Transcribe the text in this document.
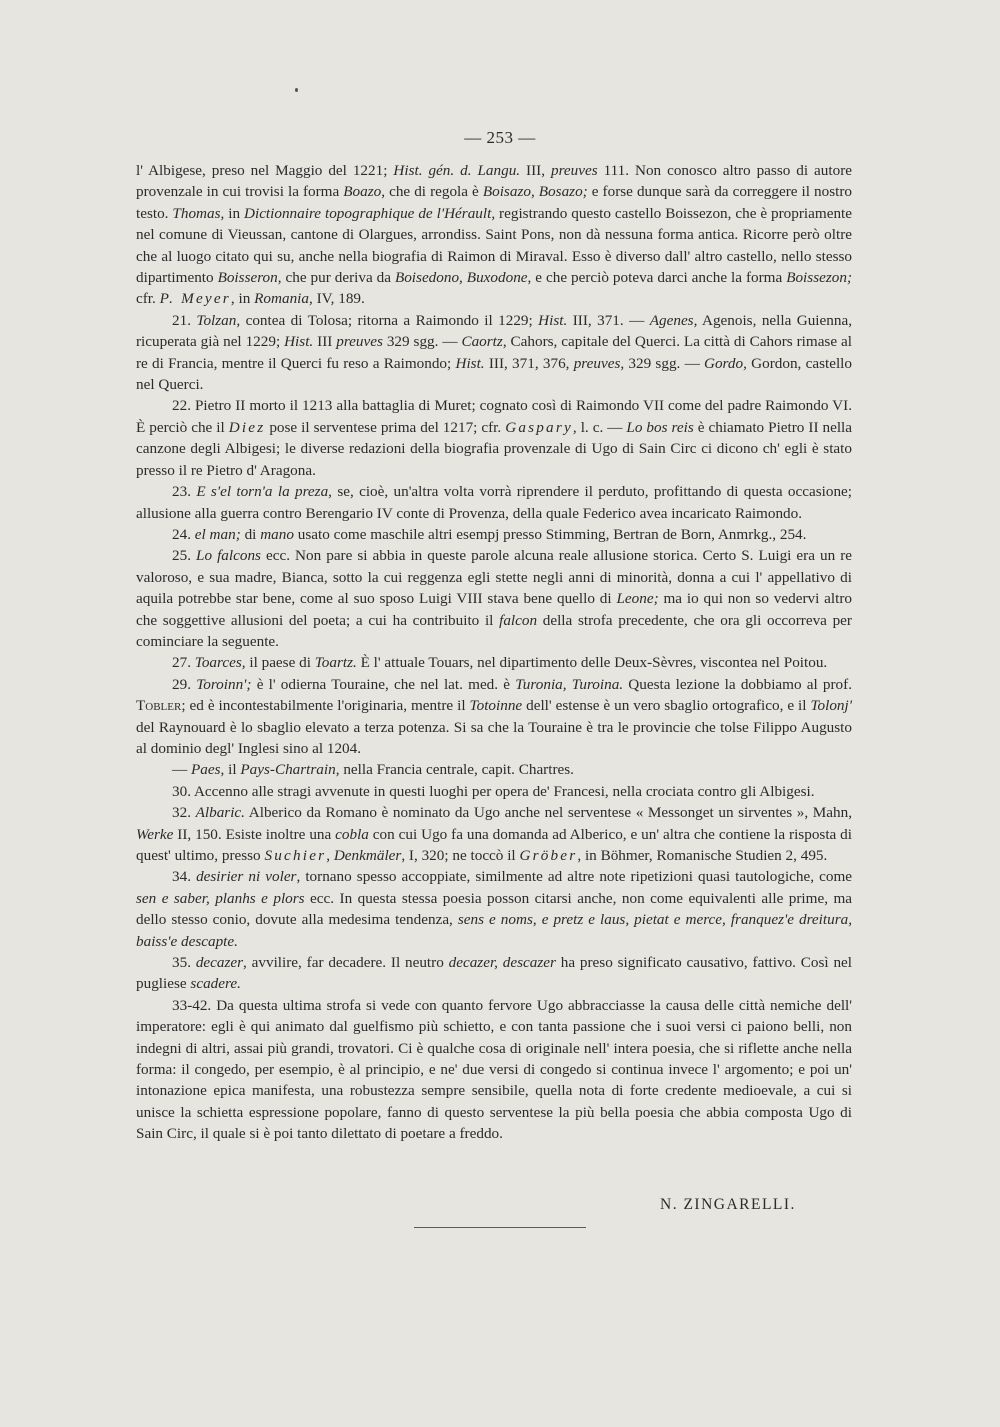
— 253 —

l' Albigese, preso nel Maggio del 1221; Hist. gén. d. Langu. III, preuves 111. Non conosco altro passo di autore provenzale in cui trovisi la forma Boazo, che di regola è Boisazo, Bosazo; e forse dunque sarà da correggere il nostro testo. Thomas, in Dictionnaire topographique de l'Hérault, registrando questo castello Boissezon, che è propriamente nel comune di Vieussan, cantone di Olargues, arrondiss. Saint Pons, non dà nessuna forma antica. Ricorre però oltre che al luogo citato qui su, anche nella biografia di Raimon di Miraval. Esso è diverso dall' altro castello, nello stesso dipartimento Boisseron, che pur deriva da Boisedono, Buxodone, e che perciò poteva darci anche la forma Boissezon; cfr. P. Meyer, in Romania, IV, 189.

21. Tolzan, contea di Tolosa; ritorna a Raimondo il 1229; Hist. III, 371. — Agenes, Agenois, nella Guienna, ricuperata già nel 1229; Hist. III preuves 329 sgg. — Caortz, Cahors, capitale del Querci. La città di Cahors rimase al re di Francia, mentre il Querci fu reso a Raimondo; Hist. III, 371, 376, preuves, 329 sgg. — Gordo, Gordon, castello nel Querci.

22. Pietro II morto il 1213 alla battaglia di Muret; cognato così di Raimondo VII come del padre Raimondo VI. È perciò che il Diez pose il serventese prima del 1217; cfr. Gaspary, l. c. — Lo bos reis è chiamato Pietro II nella canzone degli Albigesi; le diverse redazioni della biografia provenzale di Ugo di Sain Circ ci dicono ch' egli è stato presso il re Pietro d' Aragona.

23. E s'el torn'a la preza, se, cioè, un'altra volta vorrà riprendere il perduto, profittando di questa occasione; allusione alla guerra contro Berengario IV conte di Provenza, della quale Federico avea incaricato Raimondo.

24. el man; di mano usato come maschile altri esempj presso Stimming, Bertran de Born, Anmrkg., 254.

25. Lo falcons ecc. Non pare si abbia in queste parole alcuna reale allusione storica. Certo S. Luigi era un re valoroso, e sua madre, Bianca, sotto la cui reggenza egli stette negli anni di minorità, donna a cui l' appellativo di aquila potrebbe star bene, come al suo sposo Luigi VIII stava bene quello di Leone; ma io qui non so vedervi altro che soggettive allusioni del poeta; a cui ha contribuito il falcon della strofa precedente, che ora gli occorreva per cominciare la seguente.

27. Toarces, il paese di Toartz. È l' attuale Touars, nel dipartimento delle Deux-Sèvres, viscontea nel Poitou.

29. Toroinn'; è l' odierna Touraine, che nel lat. med. è Turonia, Turoina. Questa lezione la dobbiamo al prof. Tobler; ed è incontestabilmente l'originaria, mentre il Totoinne dell' estense è un vero sbaglio ortografico, e il Tolonj' del Raynouard è lo sbaglio elevato a terza potenza. Si sa che la Touraine è tra le provincie che tolse Filippo Augusto al dominio degl' Inglesi sino al 1204.

— Paes, il Pays-Chartrain, nella Francia centrale, capit. Chartres.

30. Accenno alle stragi avvenute in questi luoghi per opera de' Francesi, nella crociata contro gli Albigesi.

32. Albaric. Alberico da Romano è nominato da Ugo anche nel serventese « Messonget un sirventes », Mahn, Werke II, 150. Esiste inoltre una cobla con cui Ugo fa una domanda ad Alberico, e un' altra che contiene la risposta di quest' ultimo, presso Suchier, Denkmäler, I, 320; ne toccò il Gröber, in Böhmer, Romanische Studien 2, 495.

34. desirier ni voler, tornano spesso accoppiate, similmente ad altre note ripetizioni quasi tautologiche, come sen e saber, planhs e plors ecc. In questa stessa poesia posson citarsi anche, non come equivalenti alle prime, ma dello stesso conio, dovute alla medesima tendenza, sens e noms, e pretz e laus, pietat e merce, franquez'e dreitura, baiss'e descapte.

35. decazer, avvilire, far decadere. Il neutro decazer, descazer ha preso significato causativo, fattivo. Così nel pugliese scadere.

33-42. Da questa ultima strofa si vede con quanto fervore Ugo abbracciasse la causa delle città nemiche dell' imperatore: egli è qui animato dal guelfismo più schietto, e con tanta passione che i suoi versi ci paiono belli, non indegni di altri, assai più grandi, trovatori. Ci è qualche cosa di originale nell' intera poesia, che si riflette anche nella forma: il congedo, per esempio, è al principio, e ne' due versi di congedo si continua invece l' argomento; e poi un' intonazione epica manifesta, una robustezza sempre sensibile, quella nota di forte credente medioevale, a cui si unisce la schietta espressione popolare, fanno di questo serventese la più bella poesia che abbia composta Ugo di Sain Circ, il quale si è poi tanto dilettato di poetare a freddo.

N. ZINGARELLI.
